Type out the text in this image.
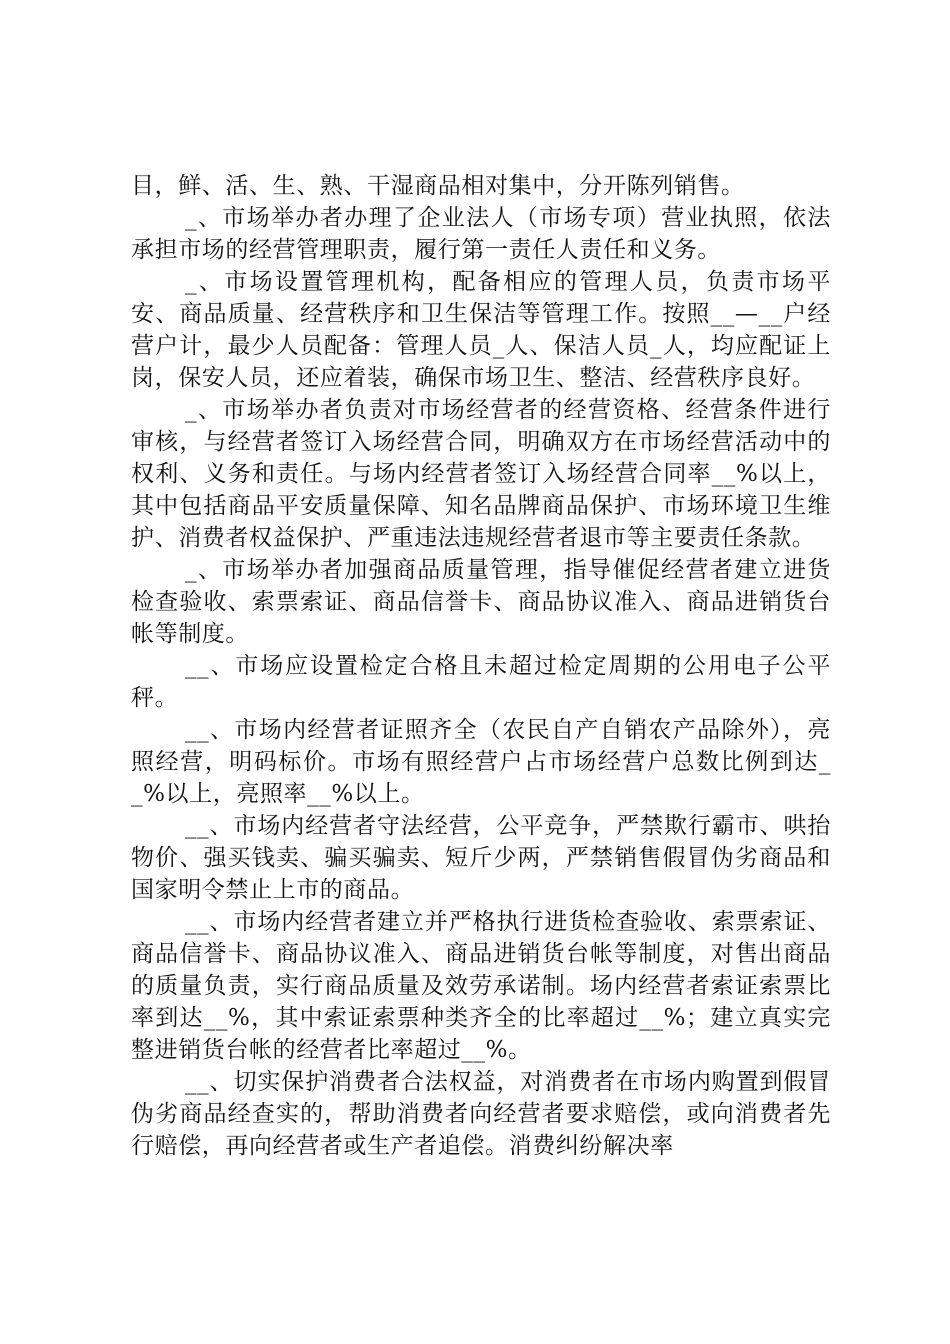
目，鲜、活、生、熟、干湿商品相对集中，分开陈列销售。

_、市场举办者办理了企业法人（市场专项）营业执照，依法承担市场的经营管理职责，履行第一责任人责任和义务。

_、市场设置管理机构，配备相应的管理人员，负责市场平安、商品质量、经营秩序和卫生保洁等管理工作。按照__—__户经营户计，最少人员配备：管理人员_人、保洁人员_人，均应配证上岗，保安人员，还应着装，确保市场卫生、整洁、经营秩序良好。

_、市场举办者负责对市场经营者的经营资格、经营条件进行审核，与经营者签订入场经营合同，明确双方在市场经营活动中的权利、义务和责任。与场内经营者签订入场经营合同率__%以上，其中包括商品平安质量保障、知名品牌商品保护、市场环境卫生维护、消费者权益保护、严重违法违规经营者退市等主要责任条款。

_、市场举办者加强商品质量管理，指导催促经营者建立进货检查验收、索票索证、商品信誉卡、商品协议准入、商品进销货台帐等制度。

__、市场应设置检定合格且未超过检定周期的公用电子公平秤。

__、市场内经营者证照齐全（农民自产自销农产品除外），亮照经营，明码标价。市场有照经营户占市场经营户总数比例到达__%以上，亮照率__%以上。

__、市场内经营者守法经营，公平竞争，严禁欺行霸市、哄抬物价、强买钱卖、骗买骗卖、短斤少两，严禁销售假冒伪劣商品和国家明令禁止上市的商品。

__、市场内经营者建立并严格执行进货检查验收、索票索证、商品信誉卡、商品协议准入、商品进销货台帐等制度，对售出商品的质量负责，实行商品质量及效劳承诺制。场内经营者索证索票比率到达__%，其中索证索票种类齐全的比率超过__%；建立真实完整进销货台帐的经营者比率超过__%。

__、切实保护消费者合法权益，对消费者在市场内购置到假冒伪劣商品经查实的，帮助消费者向经营者要求赔偿，或向消费者先行赔偿，再向经营者或生产者追偿。消费纠纷解决率
